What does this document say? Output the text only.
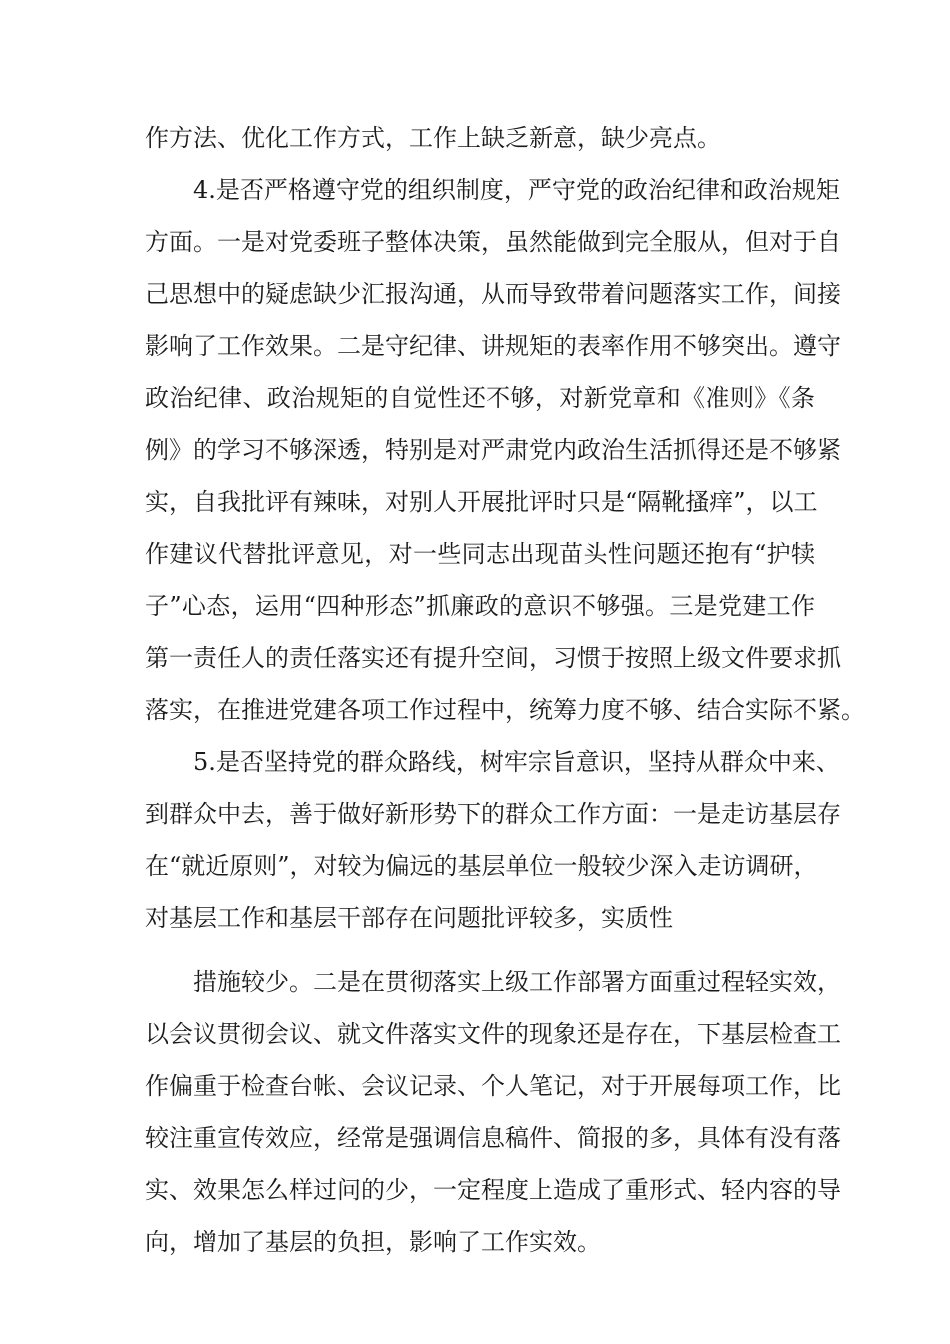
作方法、优化工作方式，工作上缺乏新意，缺少亮点。
4.是否严格遵守党的组织制度，严守党的政治纪律和政治规矩
方面。一是对党委班子整体决策，虽然能做到完全服从，但对于自
己思想中的疑虑缺少汇报沟通，从而导致带着问题落实工作，间接
影响了工作效果。二是守纪律、讲规矩的表率作用不够突出。遵守
政治纪律、政治规矩的自觉性还不够，对新党章和《准则》《条
例》的学习不够深透，特别是对严肃党内政治生活抓得还是不够紧
实，自我批评有辣味，对别人开展批评时只是“隔靴搔痒”，以工
作建议代替批评意见，对一些同志出现苗头性问题还抱有“护犊
子”心态，运用“四种形态”抓廉政的意识不够强。三是党建工作
第一责任人的责任落实还有提升空间，习惯于按照上级文件要求抓
落实，在推进党建各项工作过程中，统筹力度不够、结合实际不紧。
5.是否坚持党的群众路线，树牢宗旨意识，坚持从群众中来、
到群众中去，善于做好新形势下的群众工作方面：一是走访基层存
在“就近原则”，对较为偏远的基层单位一般较少深入走访调研，
对基层工作和基层干部存在问题批评较多，实质性
措施较少。二是在贯彻落实上级工作部署方面重过程轻实效，
以会议贯彻会议、就文件落实文件的现象还是存在，下基层检查工
作偏重于检查台帐、会议记录、个人笔记，对于开展每项工作，比
较注重宣传效应，经常是强调信息稿件、简报的多，具体有没有落
实、效果怎么样过问的少，一定程度上造成了重形式、轻内容的导
向，增加了基层的负担，影响了工作实效。
